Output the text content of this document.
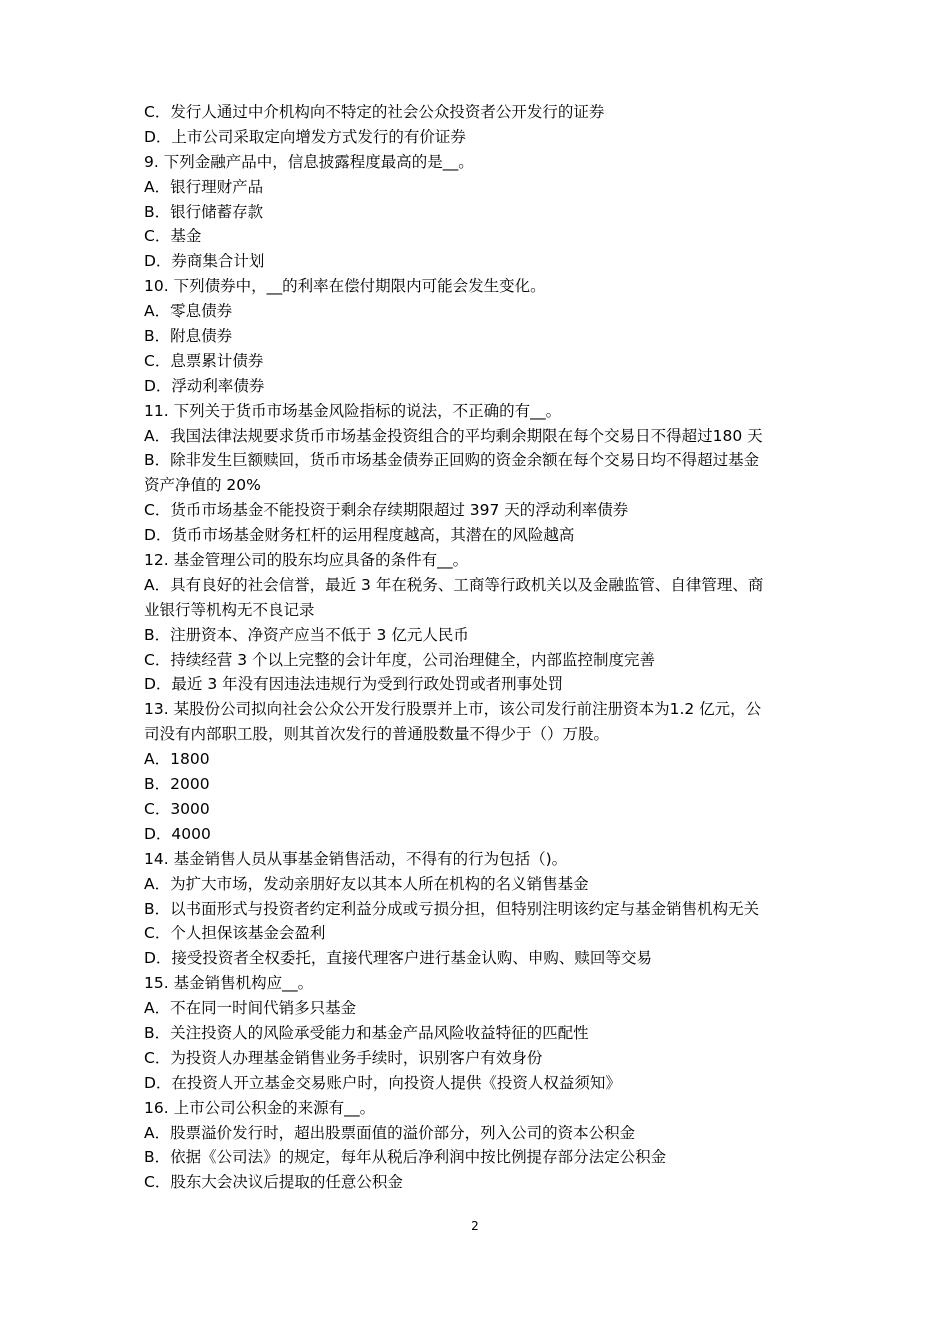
C．发行人通过中介机构向不特定的社会公众投资者公开发行的证券
D．上市公司采取定向增发方式发行的有价证券
9. 下列金融产品中，信息披露程度最高的是__。
A．银行理财产品
B．银行储蓄存款
C．基金
D．券商集合计划
10. 下列债券中，__的利率在偿付期限内可能会发生变化。
A．零息债券
B．附息债券
C．息票累计债券
D．浮动利率债券
11. 下列关于货币市场基金风险指标的说法，不正确的有__。
A．我国法律法规要求货币市场基金投资组合的平均剩余期限在每个交易日不得超过180 天
B．除非发生巨额赎回，货币市场基金债券正回购的资金余额在每个交易日均不得超过基金
资产净值的 20%
C．货币市场基金不能投资于剩余存续期限超过 397 天的浮动利率债券
D．货币市场基金财务杠杆的运用程度越高，其潜在的风险越高
12. 基金管理公司的股东均应具备的条件有__。
A．具有良好的社会信誉，最近 3 年在税务、工商等行政机关以及金融监管、自律管理、商
业银行等机构无不良记录
B．注册资本、净资产应当不低于 3 亿元人民币
C．持续经营 3 个以上完整的会计年度，公司治理健全，内部监控制度完善
D．最近 3 年没有因违法违规行为受到行政处罚或者刑事处罚
13. 某股份公司拟向社会公众公开发行股票并上市，该公司发行前注册资本为1.2 亿元，公
司没有内部职工股，则其首次发行的普通股数量不得少于（）万股。
A．1800
B．2000
C．3000
D．4000
14. 基金销售人员从事基金销售活动，不得有的行为包括（)。
A．为扩大市场，发动亲朋好友以其本人所在机构的名义销售基金
B．以书面形式与投资者约定利益分成或亏损分担，但特别注明该约定与基金销售机构无关
C．个人担保该基金会盈利
D．接受投资者全权委托，直接代理客户进行基金认购、申购、赎回等交易
15. 基金销售机构应__。
A．不在同一时间代销多只基金
B．关注投资人的风险承受能力和基金产品风险收益特征的匹配性
C．为投资人办理基金销售业务手续时，识别客户有效身份
D．在投资人开立基金交易账户时，向投资人提供《投资人权益须知》
16. 上市公司公积金的来源有__。
A．股票溢价发行时，超出股票面值的溢价部分，列入公司的资本公积金
B．依据《公司法》的规定，每年从税后净利润中按比例提存部分法定公积金
C．股东大会决议后提取的任意公积金
2
